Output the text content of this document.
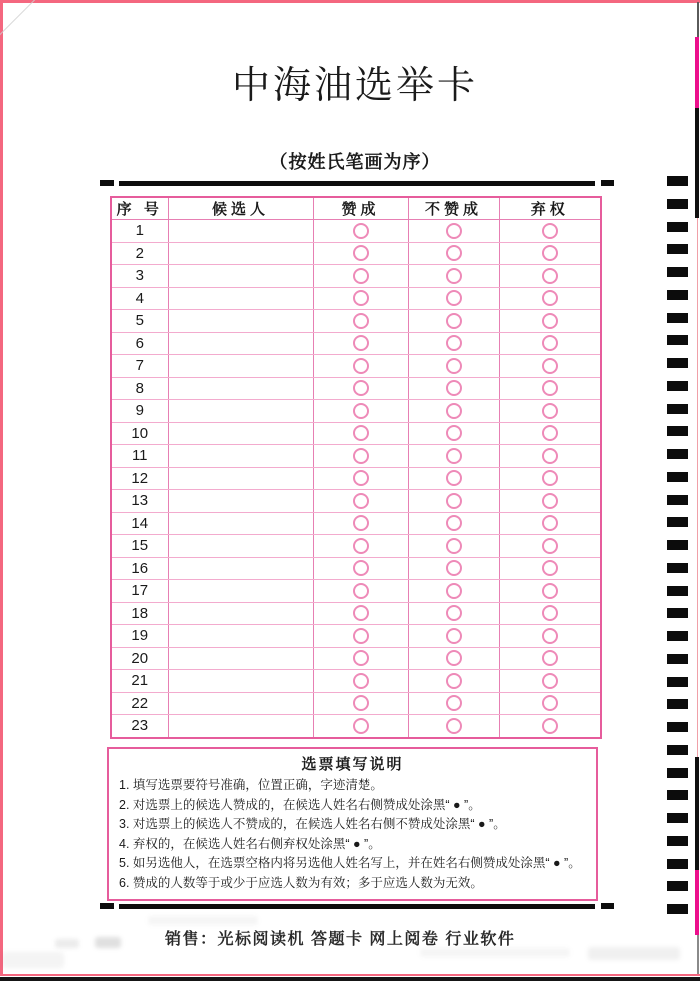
中海油选举卡
（按姓氏笔画为序）
序 号	候选人	赞成	不赞成	弃权
1				
2				
3				
4				
5				
6				
7				
8				
9				
10				
11				
12				
13				
14				
15				
16				
17				
18				
19				
20				
21				
22				
23				
选票填写说明
1. 填写选票要符号准确，位置正确，字迹清楚。
2. 对选票上的候选人赞成的，在候选人姓名右侧赞成处涂黑“ ● ”。
3. 对选票上的候选人不赞成的，在候选人姓名右侧不赞成处涂黑“ ● ”。
4. 弃权的，在候选人姓名右侧弃权处涂黑“ ● ”。
5. 如另选他人，在选票空格内将另选他人姓名写上，并在姓名右侧赞成处涂黑“ ● ”。
6. 赞成的人数等于或少于应选人数为有效；多于应选人数为无效。
销售：光标阅读机 答题卡 网上阅卷 行业软件
